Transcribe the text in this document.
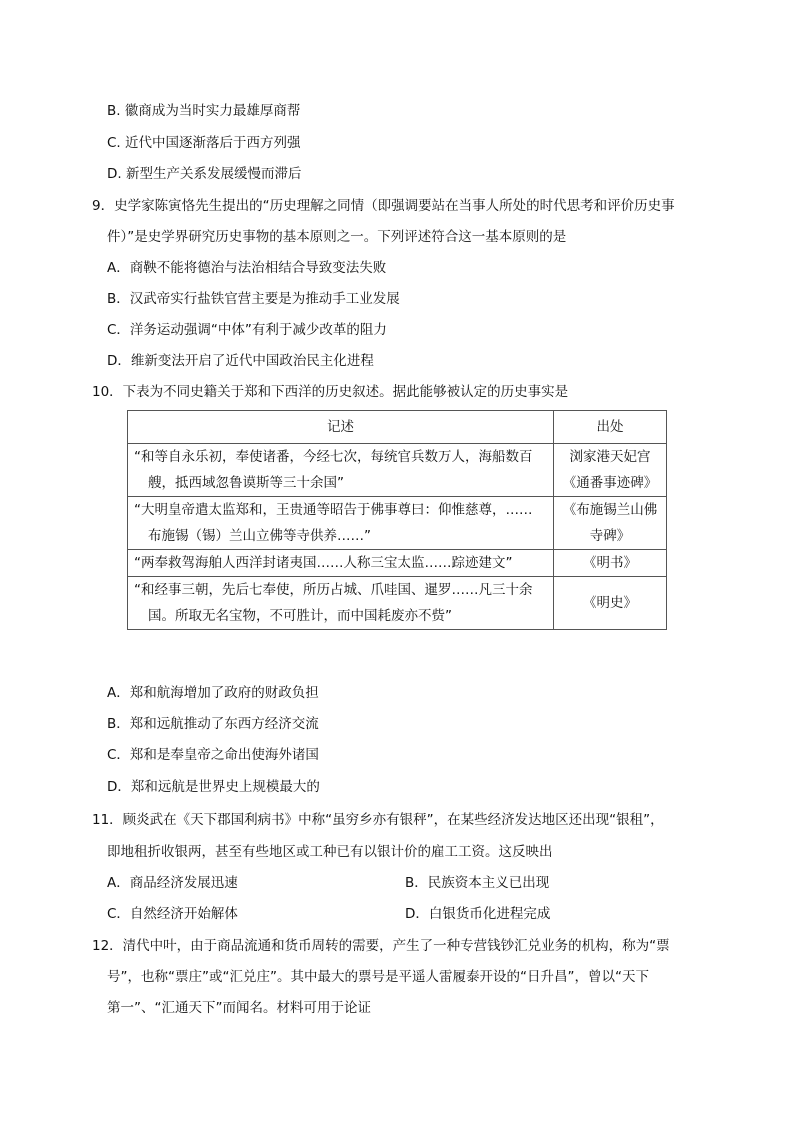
B. 徽商成为当时实力最雄厚商帮
C. 近代中国逐渐落后于西方列强
D. 新型生产关系发展缓慢而滞后
9．史学家陈寅恪先生提出的“历史理解之同情（即强调要站在当事人所处的时代思考和评价历史事
件）”是史学界研究历史事物的基本原则之一。下列评述符合这一基本原则的是
A．商鞅不能将德治与法治相结合导致变法失败
B．汉武帝实行盐铁官营主要是为推动手工业发展
C．洋务运动强调“中体”有利于减少改革的阻力
D．维新变法开启了近代中国政治民主化进程
10．下表为不同史籍关于郑和下西洋的历史叙述。据此能够被认定的历史事实是
记述	出处

“和等自永乐初，奉使诸番，今经七次，每统官兵数万人，海船数百
艘，抵西域忽鲁谟斯等三十余国”	浏家港天妃宫《通番事迹碑》

“大明皇帝遣太监郑和，王贵通等昭告于佛事尊曰：仰惟慈尊，……
布施锡（锡）兰山立佛等寺供养……”	《布施锡兰山佛寺碑》

“两奉救驾海舶人西洋封诸夷国……人称三宝太监……踪迹建文”	《明书》

“和经事三朝，先后七奉使，所历占城、爪哇国、暹罗……凡三十余
国。所取无名宝物，不可胜计，而中国耗废亦不赀”	《明史》
A．郑和航海增加了政府的财政负担
B．郑和远航推动了东西方经济交流
C．郑和是奉皇帝之命出使海外诸国
D．郑和远航是世界史上规模最大的
11．顾炎武在《天下郡国利病书》中称“虽穷乡亦有银秤”，在某些经济发达地区还出现“银租”，
即地租折收银两，甚至有些地区或工种已有以银计价的雇工工资。这反映出
A．商品经济发展迅速	B．民族资本主义已出现
C．自然经济开始解体	D．白银货币化进程完成
12．清代中叶，由于商品流通和货币周转的需要，产生了一种专营钱钞汇兑业务的机构，称为“票
号”，也称“票庄”或“汇兑庄”。其中最大的票号是平遥人雷履泰开设的“日升昌”，曾以“天下
第一”、“汇通天下”而闻名。材料可用于论证
